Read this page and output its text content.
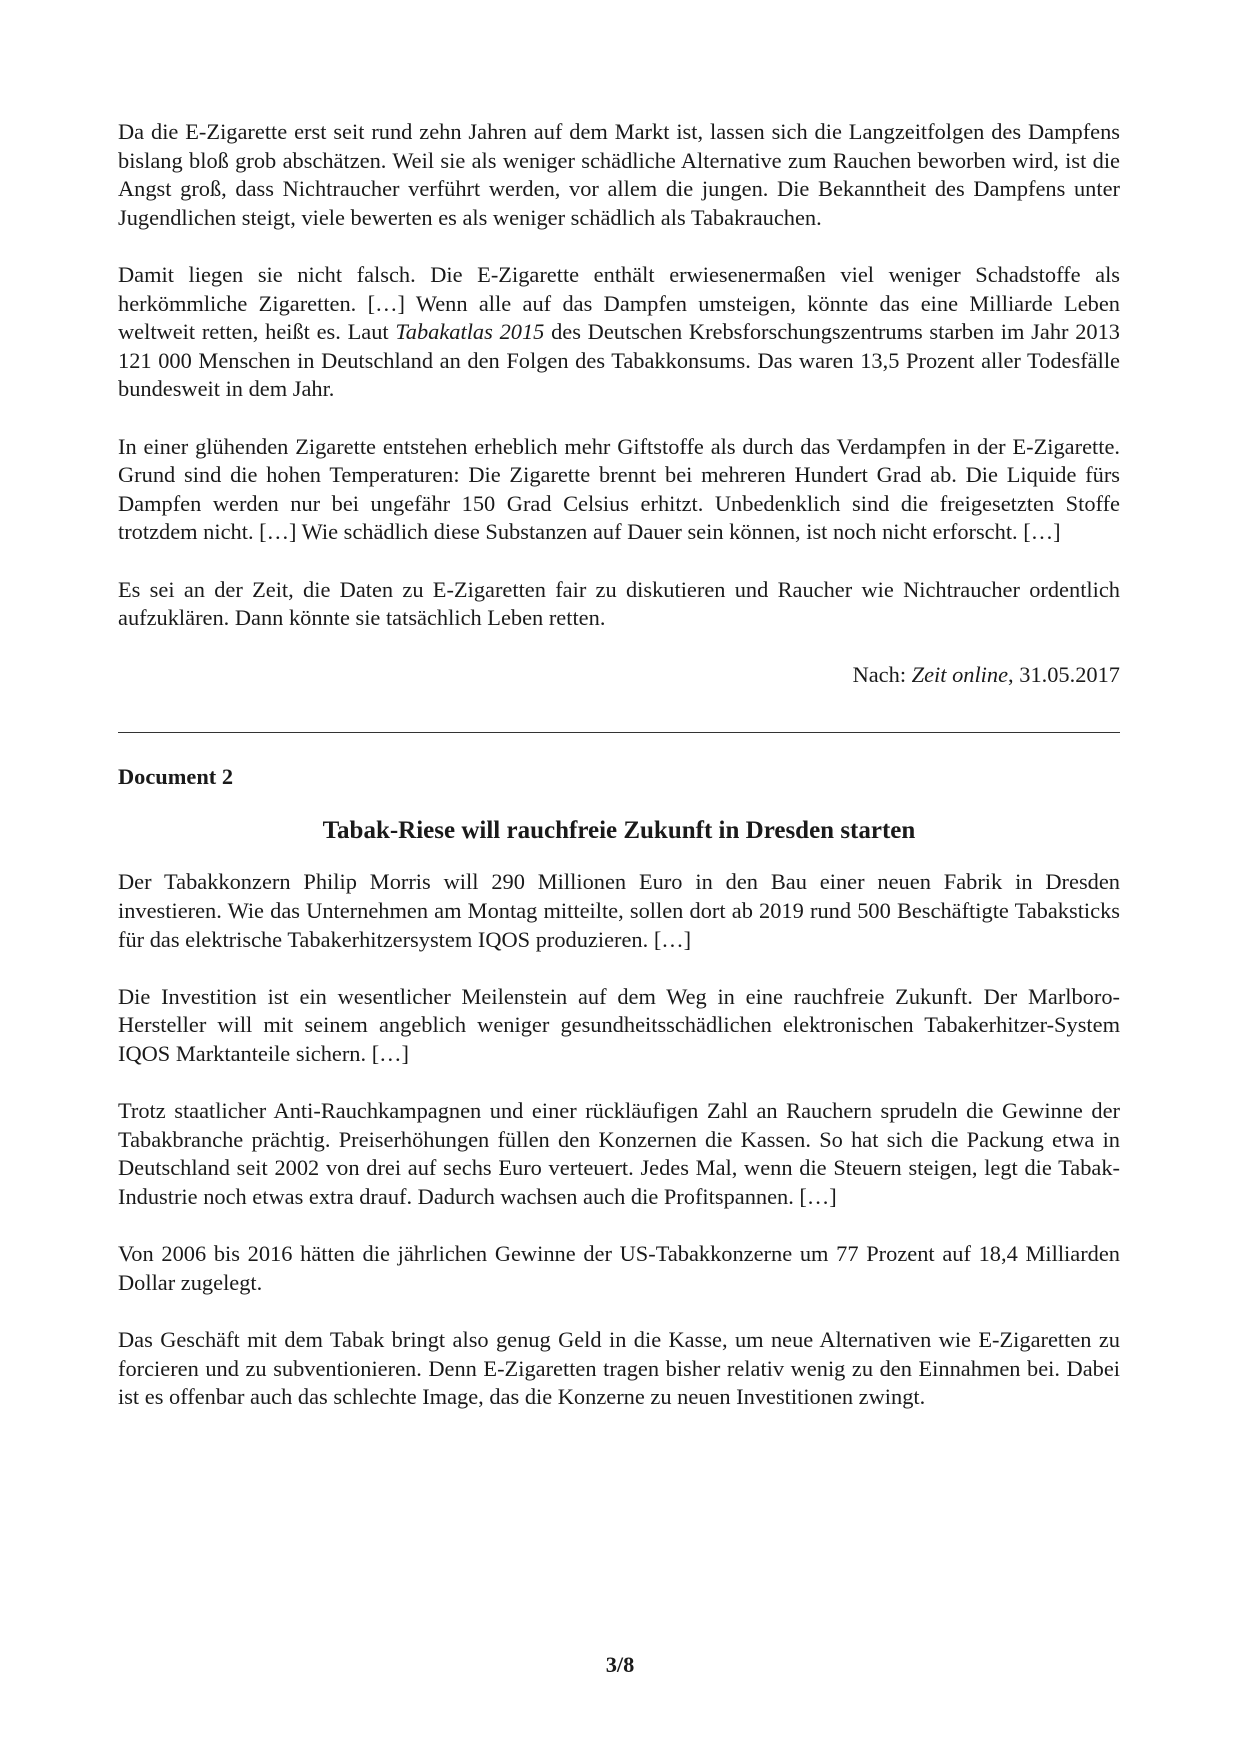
Da die E-Zigarette erst seit rund zehn Jahren auf dem Markt ist, lassen sich die Langzeitfolgen des Dampfens bislang bloß grob abschätzen. Weil sie als weniger schädliche Alternative zum Rauchen beworben wird, ist die Angst groß, dass Nichtraucher verführt werden, vor allem die jungen. Die Bekanntheit des Dampfens unter Jugendlichen steigt, viele bewerten es als weniger schädlich als Tabakrauchen.

Damit liegen sie nicht falsch. Die E-Zigarette enthält erwiesenermaßen viel weniger Schadstoffe als herkömmliche Zigaretten. […] Wenn alle auf das Dampfen umsteigen, könnte das eine Milliarde Leben weltweit retten, heißt es. Laut Tabakatlas 2015 des Deutschen Krebsforschungszentrums starben im Jahr 2013 121 000 Menschen in Deutschland an den Folgen des Tabakkonsums. Das waren 13,5 Prozent aller Todesfälle bundesweit in dem Jahr.

In einer glühenden Zigarette entstehen erheblich mehr Giftstoffe als durch das Verdampfen in der E-Zigarette. Grund sind die hohen Temperaturen: Die Zigarette brennt bei mehreren Hundert Grad ab. Die Liquide fürs Dampfen werden nur bei ungefähr 150 Grad Celsius erhitzt. Unbedenklich sind die freigesetzten Stoffe trotzdem nicht. […] Wie schädlich diese Substanzen auf Dauer sein können, ist noch nicht erforscht. […]

Es sei an der Zeit, die Daten zu E-Zigaretten fair zu diskutieren und Raucher wie Nichtraucher ordentlich aufzuklären. Dann könnte sie tatsächlich Leben retten.

Nach: Zeit online, 31.05.2017

Document 2

Tabak-Riese will rauchfreie Zukunft in Dresden starten

Der Tabakkonzern Philip Morris will 290 Millionen Euro in den Bau einer neuen Fabrik in Dresden investieren. Wie das Unternehmen am Montag mitteilte, sollen dort ab 2019 rund 500 Beschäftigte Tabaksticks für das elektrische Tabakerhitzersystem IQOS produzieren. […]

Die Investition ist ein wesentlicher Meilenstein auf dem Weg in eine rauchfreie Zukunft. Der Marlboro-Hersteller will mit seinem angeblich weniger gesundheitsschädlichen elektronischen Tabakerhitzer-System IQOS Marktanteile sichern. […]

Trotz staatlicher Anti-Rauchkampagnen und einer rückläufigen Zahl an Rauchern sprudeln die Gewinne der Tabakbranche prächtig. Preiserhöhungen füllen den Konzernen die Kassen. So hat sich die Packung etwa in Deutschland seit 2002 von drei auf sechs Euro verteuert. Jedes Mal, wenn die Steuern steigen, legt die Tabak-Industrie noch etwas extra drauf. Dadurch wachsen auch die Profitspannen. […]

Von 2006 bis 2016 hätten die jährlichen Gewinne der US-Tabakkonzerne um 77 Prozent auf 18,4 Milliarden Dollar zugelegt.

Das Geschäft mit dem Tabak bringt also genug Geld in die Kasse, um neue Alternativen wie E-Zigaretten zu forcieren und zu subventionieren. Denn E-Zigaretten tragen bisher relativ wenig zu den Einnahmen bei. Dabei ist es offenbar auch das schlechte Image, das die Konzerne zu neuen Investitionen zwingt.

3/8
